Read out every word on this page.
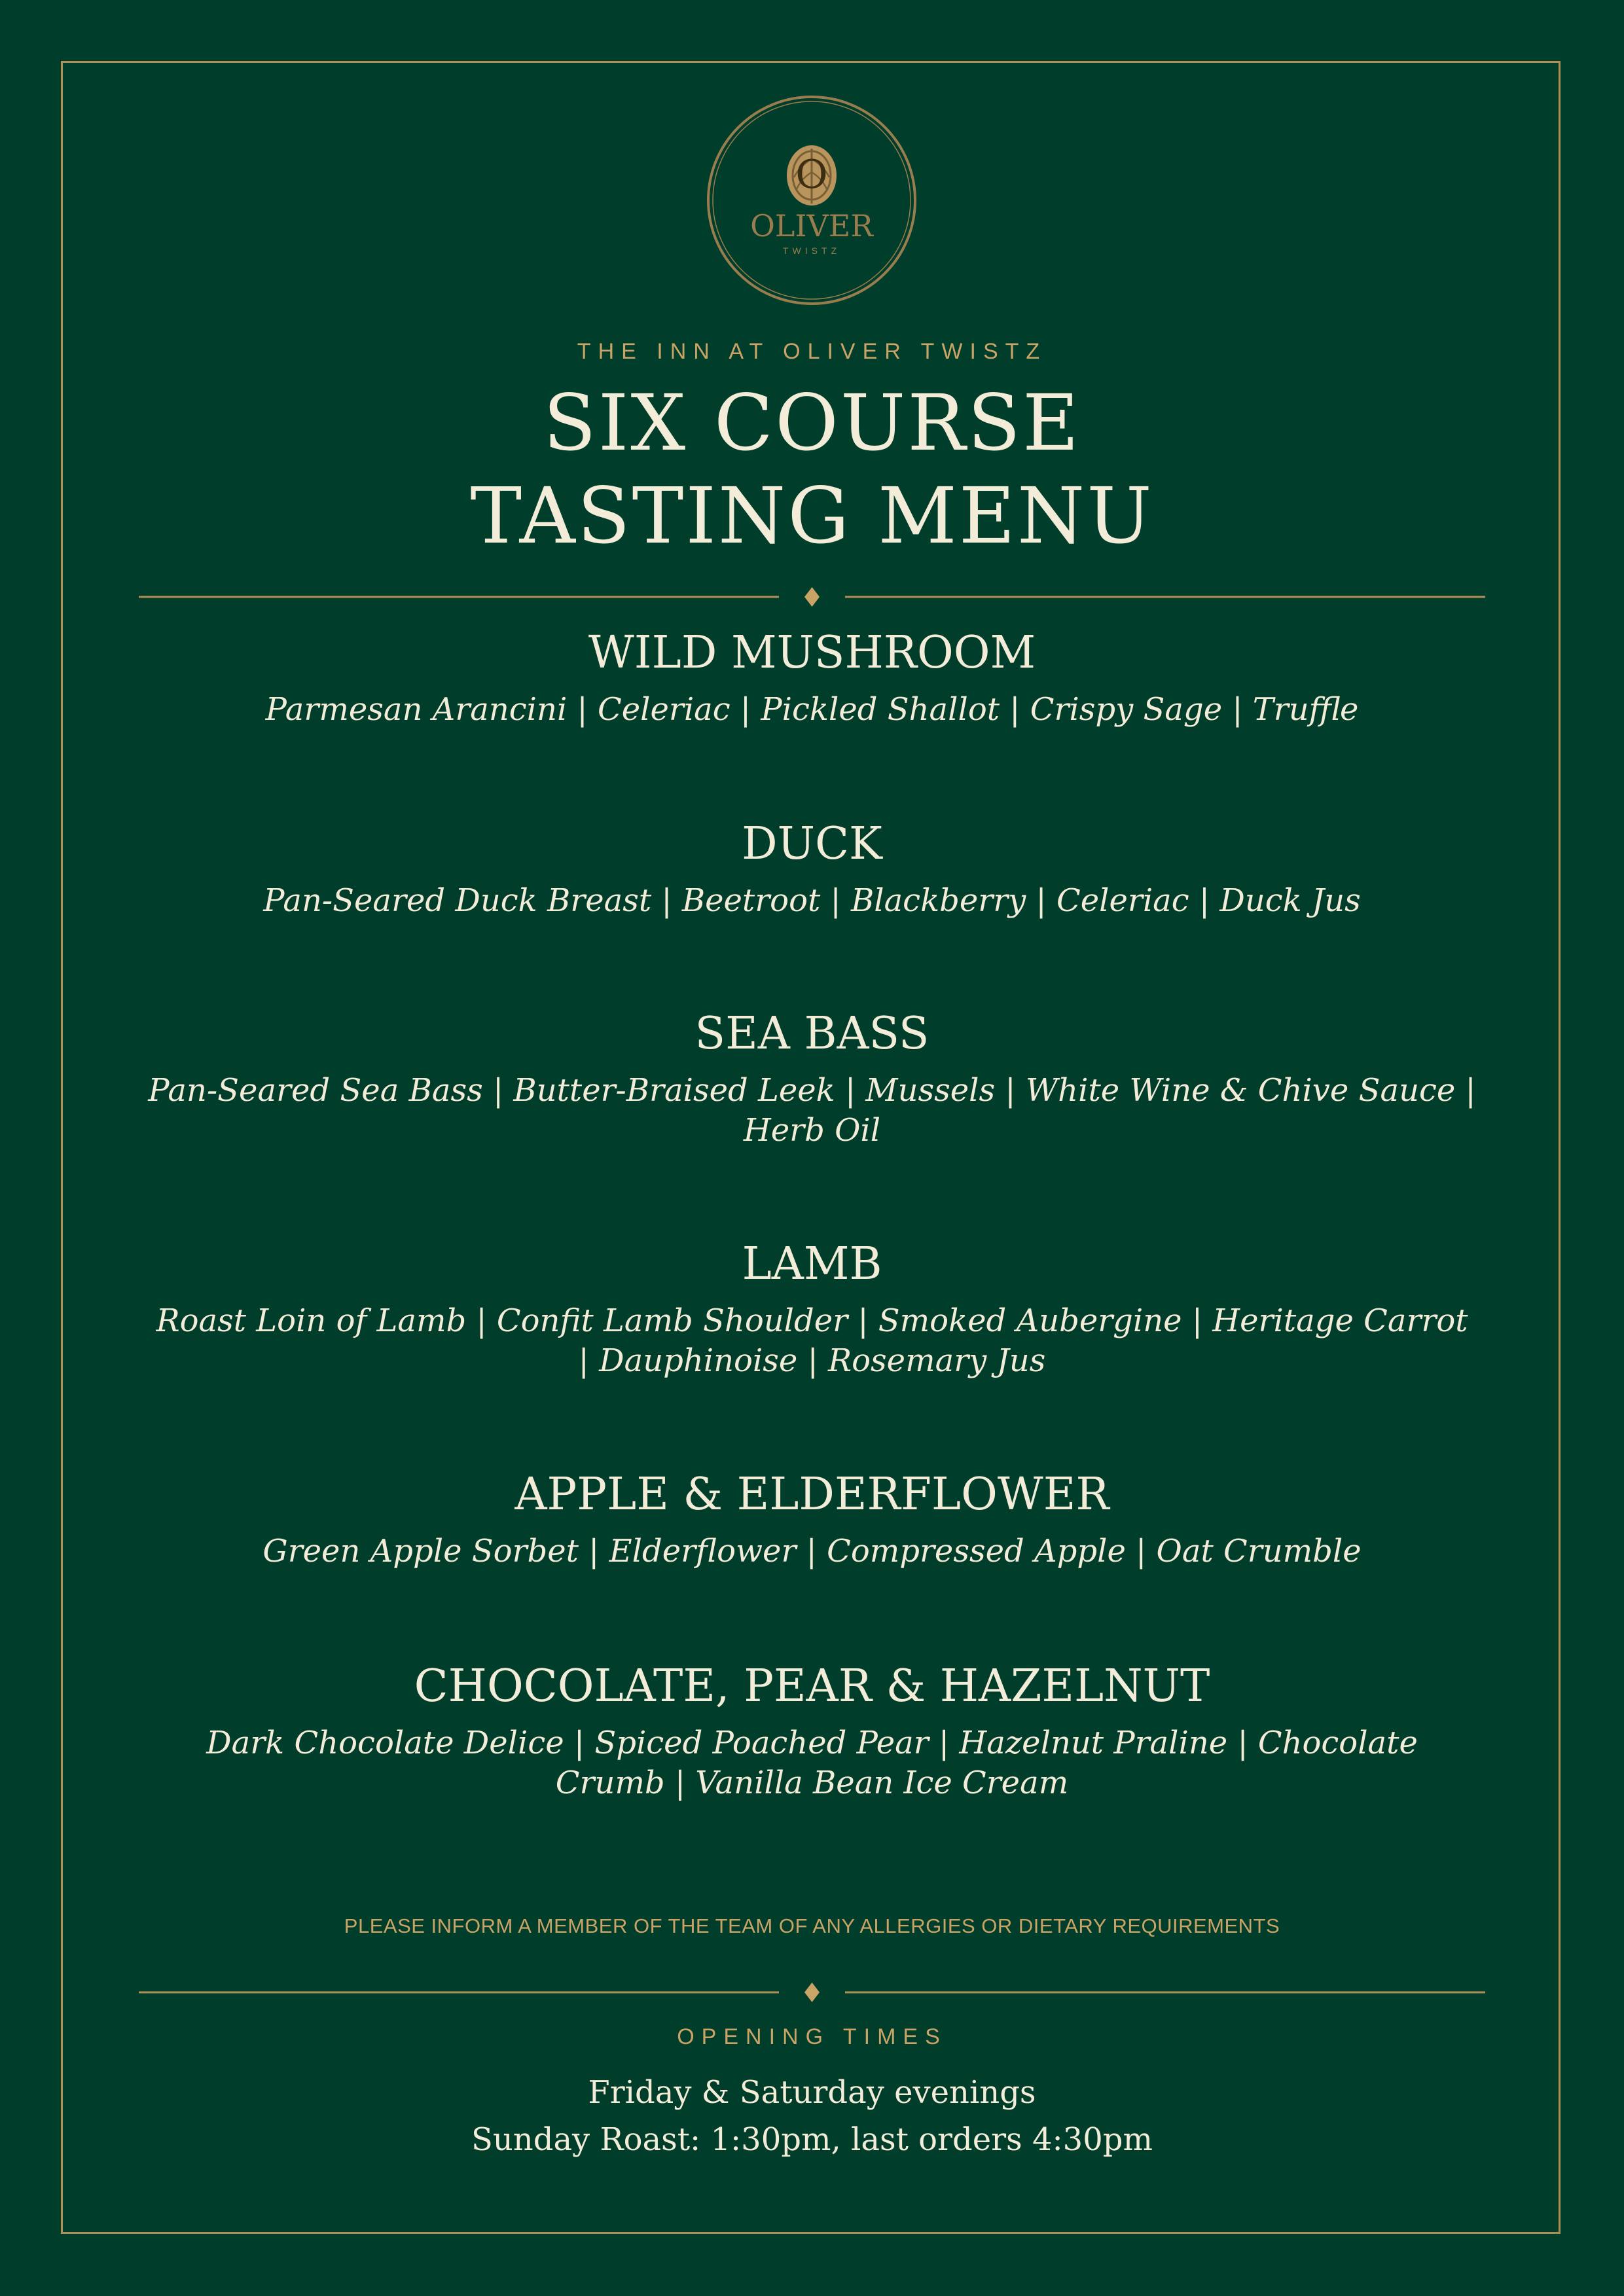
O
OLIVER
TWISTZ
THE INN AT OLIVER TWISTZ
SIX COURSE
TASTING MENU
WILD MUSHROOM
Parmesan Arancini | Celeriac | Pickled Shallot | Crispy Sage | Truffle
DUCK
Pan-Seared Duck Breast | Beetroot | Blackberry | Celeriac | Duck Jus
SEA BASS
Pan-Seared Sea Bass | Butter-Braised Leek | Mussels | White Wine & Chive Sauce |
Herb Oil
LAMB
Roast Loin of Lamb | Confit Lamb Shoulder | Smoked Aubergine | Heritage Carrot
| Dauphinoise | Rosemary Jus
APPLE & ELDERFLOWER
Green Apple Sorbet | Elderflower | Compressed Apple | Oat Crumble
CHOCOLATE, PEAR & HAZELNUT
Dark Chocolate Delice | Spiced Poached Pear | Hazelnut Praline | Chocolate
Crumb | Vanilla Bean Ice Cream
PLEASE INFORM A MEMBER OF THE TEAM OF ANY ALLERGIES OR DIETARY REQUIREMENTS
OPENING TIMES
Friday & Saturday evenings
Sunday Roast: 1:30pm, last orders 4:30pm
